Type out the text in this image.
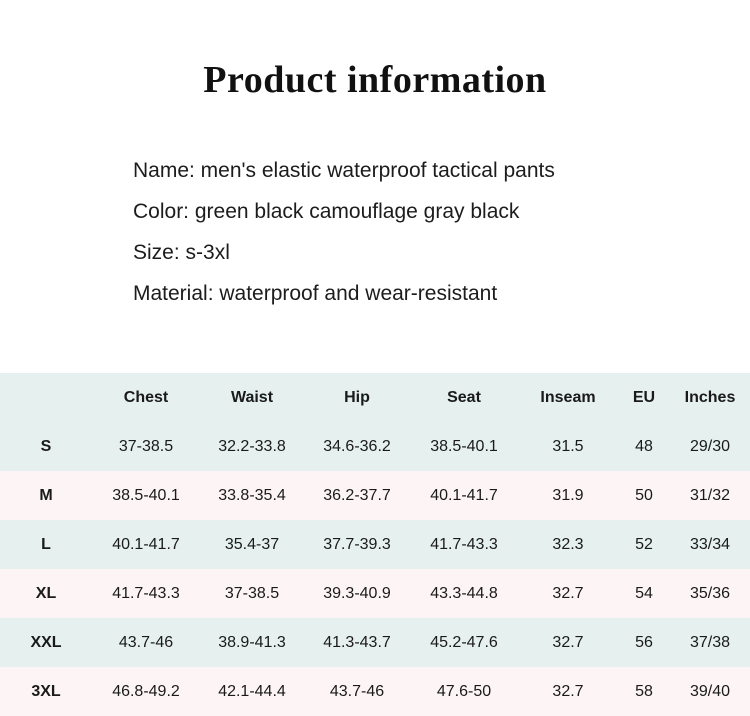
Product information
Name: men's elastic waterproof tactical pants
Color: green black camouflage gray black
Size: s-3xl
Material: waterproof and wear-resistant
	Chest	Waist	Hip	Seat	Inseam	EU	Inches
S	37-38.5	32.2-33.8	34.6-36.2	38.5-40.1	31.5	48	29/30
M	38.5-40.1	33.8-35.4	36.2-37.7	40.1-41.7	31.9	50	31/32
L	40.1-41.7	35.4-37	37.7-39.3	41.7-43.3	32.3	52	33/34
XL	41.7-43.3	37-38.5	39.3-40.9	43.3-44.8	32.7	54	35/36
XXL	43.7-46	38.9-41.3	41.3-43.7	45.2-47.6	32.7	56	37/38
3XL	46.8-49.2	42.1-44.4	43.7-46	47.6-50	32.7	58	39/40
